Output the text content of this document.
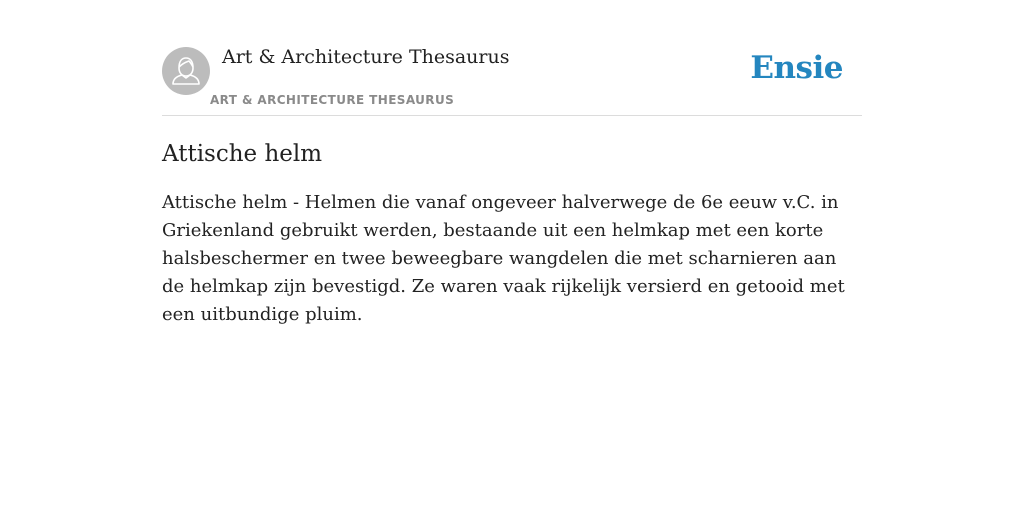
Art & Architecture Thesaurus
ART & ARCHITECTURE THESAURUS
Ensie
Attische helm

Attische helm - Helmen die vanaf ongeveer halverwege de 6e eeuw v.C. in Griekenland gebruikt werden, bestaande uit een helmkap met een korte halsbeschermer en twee beweegbare wangdelen die met scharnieren aan de helmkap zijn bevestigd. Ze waren vaak rijkelijk versierd en getooid met een uitbundige pluim.
